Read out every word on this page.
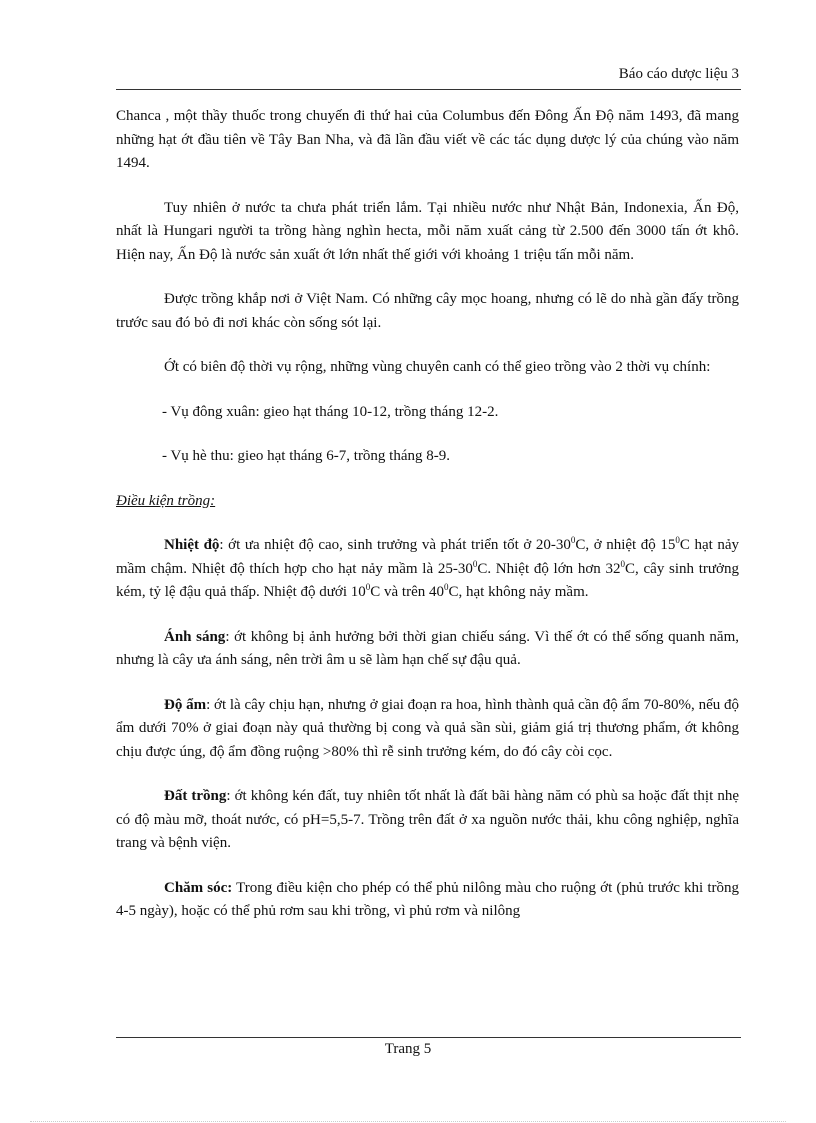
Báo cáo dược liệu 3

Chanca , một thầy thuốc trong chuyến đi thứ hai của Columbus đến Đông Ấn Độ năm 1493, đã mang những hạt ớt đầu tiên về Tây Ban Nha, và đã lần đầu viết về các tác dụng dược lý của chúng vào năm 1494.

Tuy nhiên ở nước ta chưa phát triển lắm. Tại nhiều nước như Nhật Bản, Indonexia, Ấn Độ, nhất là Hungari người ta trồng hàng nghìn hecta, mỗi năm xuất cảng từ 2.500 đến 3000 tấn ớt khô. Hiện nay, Ấn Độ là nước sản xuất ớt lớn nhất thế giới với khoảng 1 triệu tấn mỗi năm.

Được trồng khắp nơi ở Việt Nam. Có những cây mọc hoang, nhưng có lẽ do nhà gần đấy trồng trước sau đó bỏ đi nơi khác còn sống sót lại.

Ớt có biên độ thời vụ rộng, những vùng chuyên canh có thể gieo trồng vào 2 thời vụ chính:

- Vụ đông xuân: gieo hạt tháng 10-12, trồng tháng 12-2.

- Vụ hè thu: gieo hạt tháng 6-7, trồng tháng 8-9.

Điều kiện trồng:

Nhiệt độ: ớt ưa nhiệt độ cao, sinh trưởng và phát triển tốt ở $20-30^0C$, ở nhiệt độ $15^0C$ hạt nảy mầm chậm. Nhiệt độ thích hợp cho hạt nảy mầm là $25-30^0C$. Nhiệt độ lớn hơn $32^0C$, cây sinh trưởng kém, tỷ lệ đậu quả thấp. Nhiệt độ dưới $10^0C$ và trên $40^0C$, hạt không nảy mầm.

Ánh sáng: ớt không bị ảnh hưởng bởi thời gian chiếu sáng. Vì thế ớt có thể sống quanh năm, nhưng là cây ưa ánh sáng, nên trời âm u sẽ làm hạn chế sự đậu quả.

Độ ẩm: ớt là cây chịu hạn, nhưng ở giai đoạn ra hoa, hình thành quả cần độ ẩm 70-80%, nếu độ ẩm dưới 70% ở giai đoạn này quả thường bị cong và quả sần sùi, giảm giá trị thương phẩm, ớt không chịu được úng, độ ẩm đồng ruộng >80% thì rễ sinh trưởng kém, do đó cây còi cọc.

Đất trồng: ớt không kén đất, tuy nhiên tốt nhất là đất bãi hàng năm có phù sa hoặc đất thịt nhẹ có độ màu mỡ, thoát nước, có pH=5,5-7. Trồng trên đất ở xa nguồn nước thải, khu công nghiệp, nghĩa trang và bệnh viện.

Chăm sóc: Trong điều kiện cho phép có thể phủ nilông màu cho ruộng ớt (phủ trước khi trồng 4-5 ngày), hoặc có thể phủ rơm sau khi trồng, vì phủ rơm và nilông

Trang 5
